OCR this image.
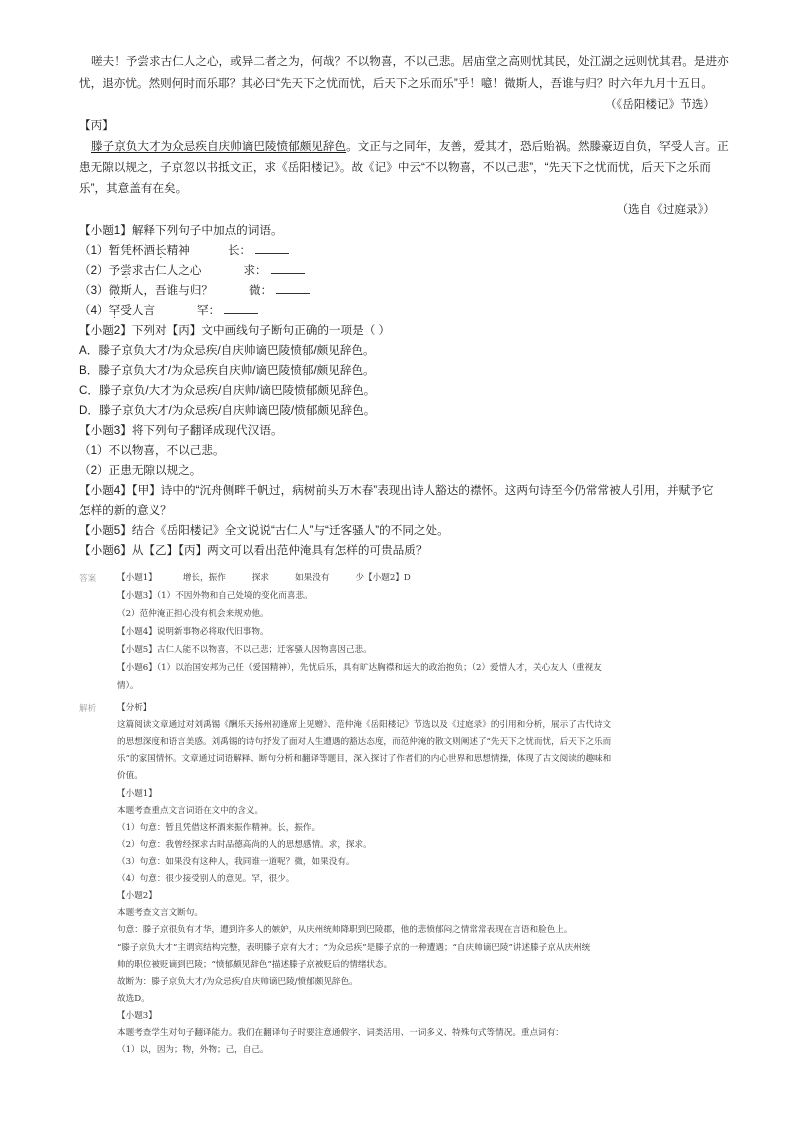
嗟夫！予尝求古仁人之心，或异二者之为，何哉？不以物喜，不以己悲。居庙堂之高则忧其民，处江湖之远则忧其君。是进亦
忧，退亦忧。然则何时而乐耶？其必曰“先天下之忧而忧，后天下之乐而乐”乎！噫！微斯人，吾谁与归？时六年九月十五日。
（《岳阳楼记》节选）
【丙】
滕子京负大才为众忌疾自庆帅谪巴陵愤郁颇见辞色。文正与之同年，友善，爱其才，恐后贻祸。然滕豪迈自负，罕受人言。正
患无隙以规之，子京忽以书抵文正，求《岳阳楼记》。故《记》中云“不以物喜，不以己悲”，“先天下之忧而忧，后天下之乐而
乐”，其意盖有在矣。
（选自《过庭录》）
【小题1】解释下列句子中加点的词语。
（1）暂凭杯酒长精神	长：
（2）予尝求古仁人之心	求：
（3）微斯人，吾谁与归？	微：
（4）罕受人言	罕：
【小题2】下列对【丙】文中画线句子断句正确的一项是（ ）
A．滕子京负大才/为众忌疾/自庆帅谪巴陵愤郁/颇见辞色。
B．滕子京负大才/为众忌疾自庆帅/谪巴陵愤郁/颇见辞色。
C．滕子京负/大才为众忌疾/自庆帅/谪巴陵愤郁颇见辞色。
D．滕子京负大才/为众忌疾/自庆帅谪巴陵/愤郁颇见辞色。
【小题3】将下列句子翻译成现代汉语。
（1）不以物喜，不以己悲。
（2）正患无隙以规之。
【小题4】【甲】诗中的“沉舟侧畔千帆过，病树前头万木春”表现出诗人豁达的襟怀。这两句诗至今仍常常被人引用，并赋予它
怎样的新的意义？
【小题5】结合《岳阳楼记》全文说说“古仁人”与“迁客骚人”的不同之处。
【小题6】从【乙】【丙】两文可以看出范仲淹具有怎样的可贵品质？
答案 【小题1】	增长，振作	探求	如果没有	少【小题2】D
【小题3】（1）不因外物和自己处境的变化而喜悲。
（2）范仲淹正担心没有机会来规劝他。
【小题4】说明新事物必将取代旧事物。
【小题5】古仁人能不以物喜，不以己悲；迁客骚人因物喜因己悲。
【小题6】（1）以治国安邦为己任（爱国精神），先忧后乐，具有旷达胸襟和远大的政治抱负；（2）爱惜人才，关心友人（重视友
情）。
解析 【分析】
这篇阅读文章通过对刘禹锡《酬乐天扬州初逢席上见赠》、范仲淹《岳阳楼记》节选以及《过庭录》的引用和分析，展示了古代诗文
的思想深度和语言美感。刘禹锡的诗句抒发了面对人生遭遇的豁达态度，而范仲淹的散文则阐述了“先天下之忧而忧，后天下之乐而
乐”的家国情怀。文章通过词语解释、断句分析和翻译等题目，深入探讨了作者们的内心世界和思想情操，体现了古文阅读的趣味和
价值。
【小题1】
本题考查重点文言词语在文中的含义。
（1）句意：暂且凭借这杯酒来振作精神。长，振作。
（2）句意：我曾经探求古时品德高尚的人的思想感情。求，探求。
（3）句意：如果没有这种人，我同谁一道呢？微，如果没有。
（4）句意：很少接受别人的意见。罕，很少。
【小题2】
本题考查文言文断句。
句意：滕子京很负有才华，遭到许多人的嫉妒，从庆州统帅降职到巴陵郡，他的悲愤郁闷之情常常表现在言语和脸色上。
“滕子京负大才”主谓宾结构完整，表明滕子京有大才；“为众忌疾”是滕子京的一种遭遇；“自庆帅谪巴陵”讲述滕子京从庆州统
帅的职位被贬谪到巴陵；“愤郁颇见辞色”描述滕子京被贬后的情绪状态。
故断为：滕子京负大才/为众忌疾/自庆帅谪巴陵/愤郁颇见辞色。
故选D。
【小题3】
本题考查学生对句子翻译能力。我们在翻译句子时要注意通假字、词类活用、一词多义、特殊句式等情况。重点词有：
（1）以，因为；物，外物；己，自己。
